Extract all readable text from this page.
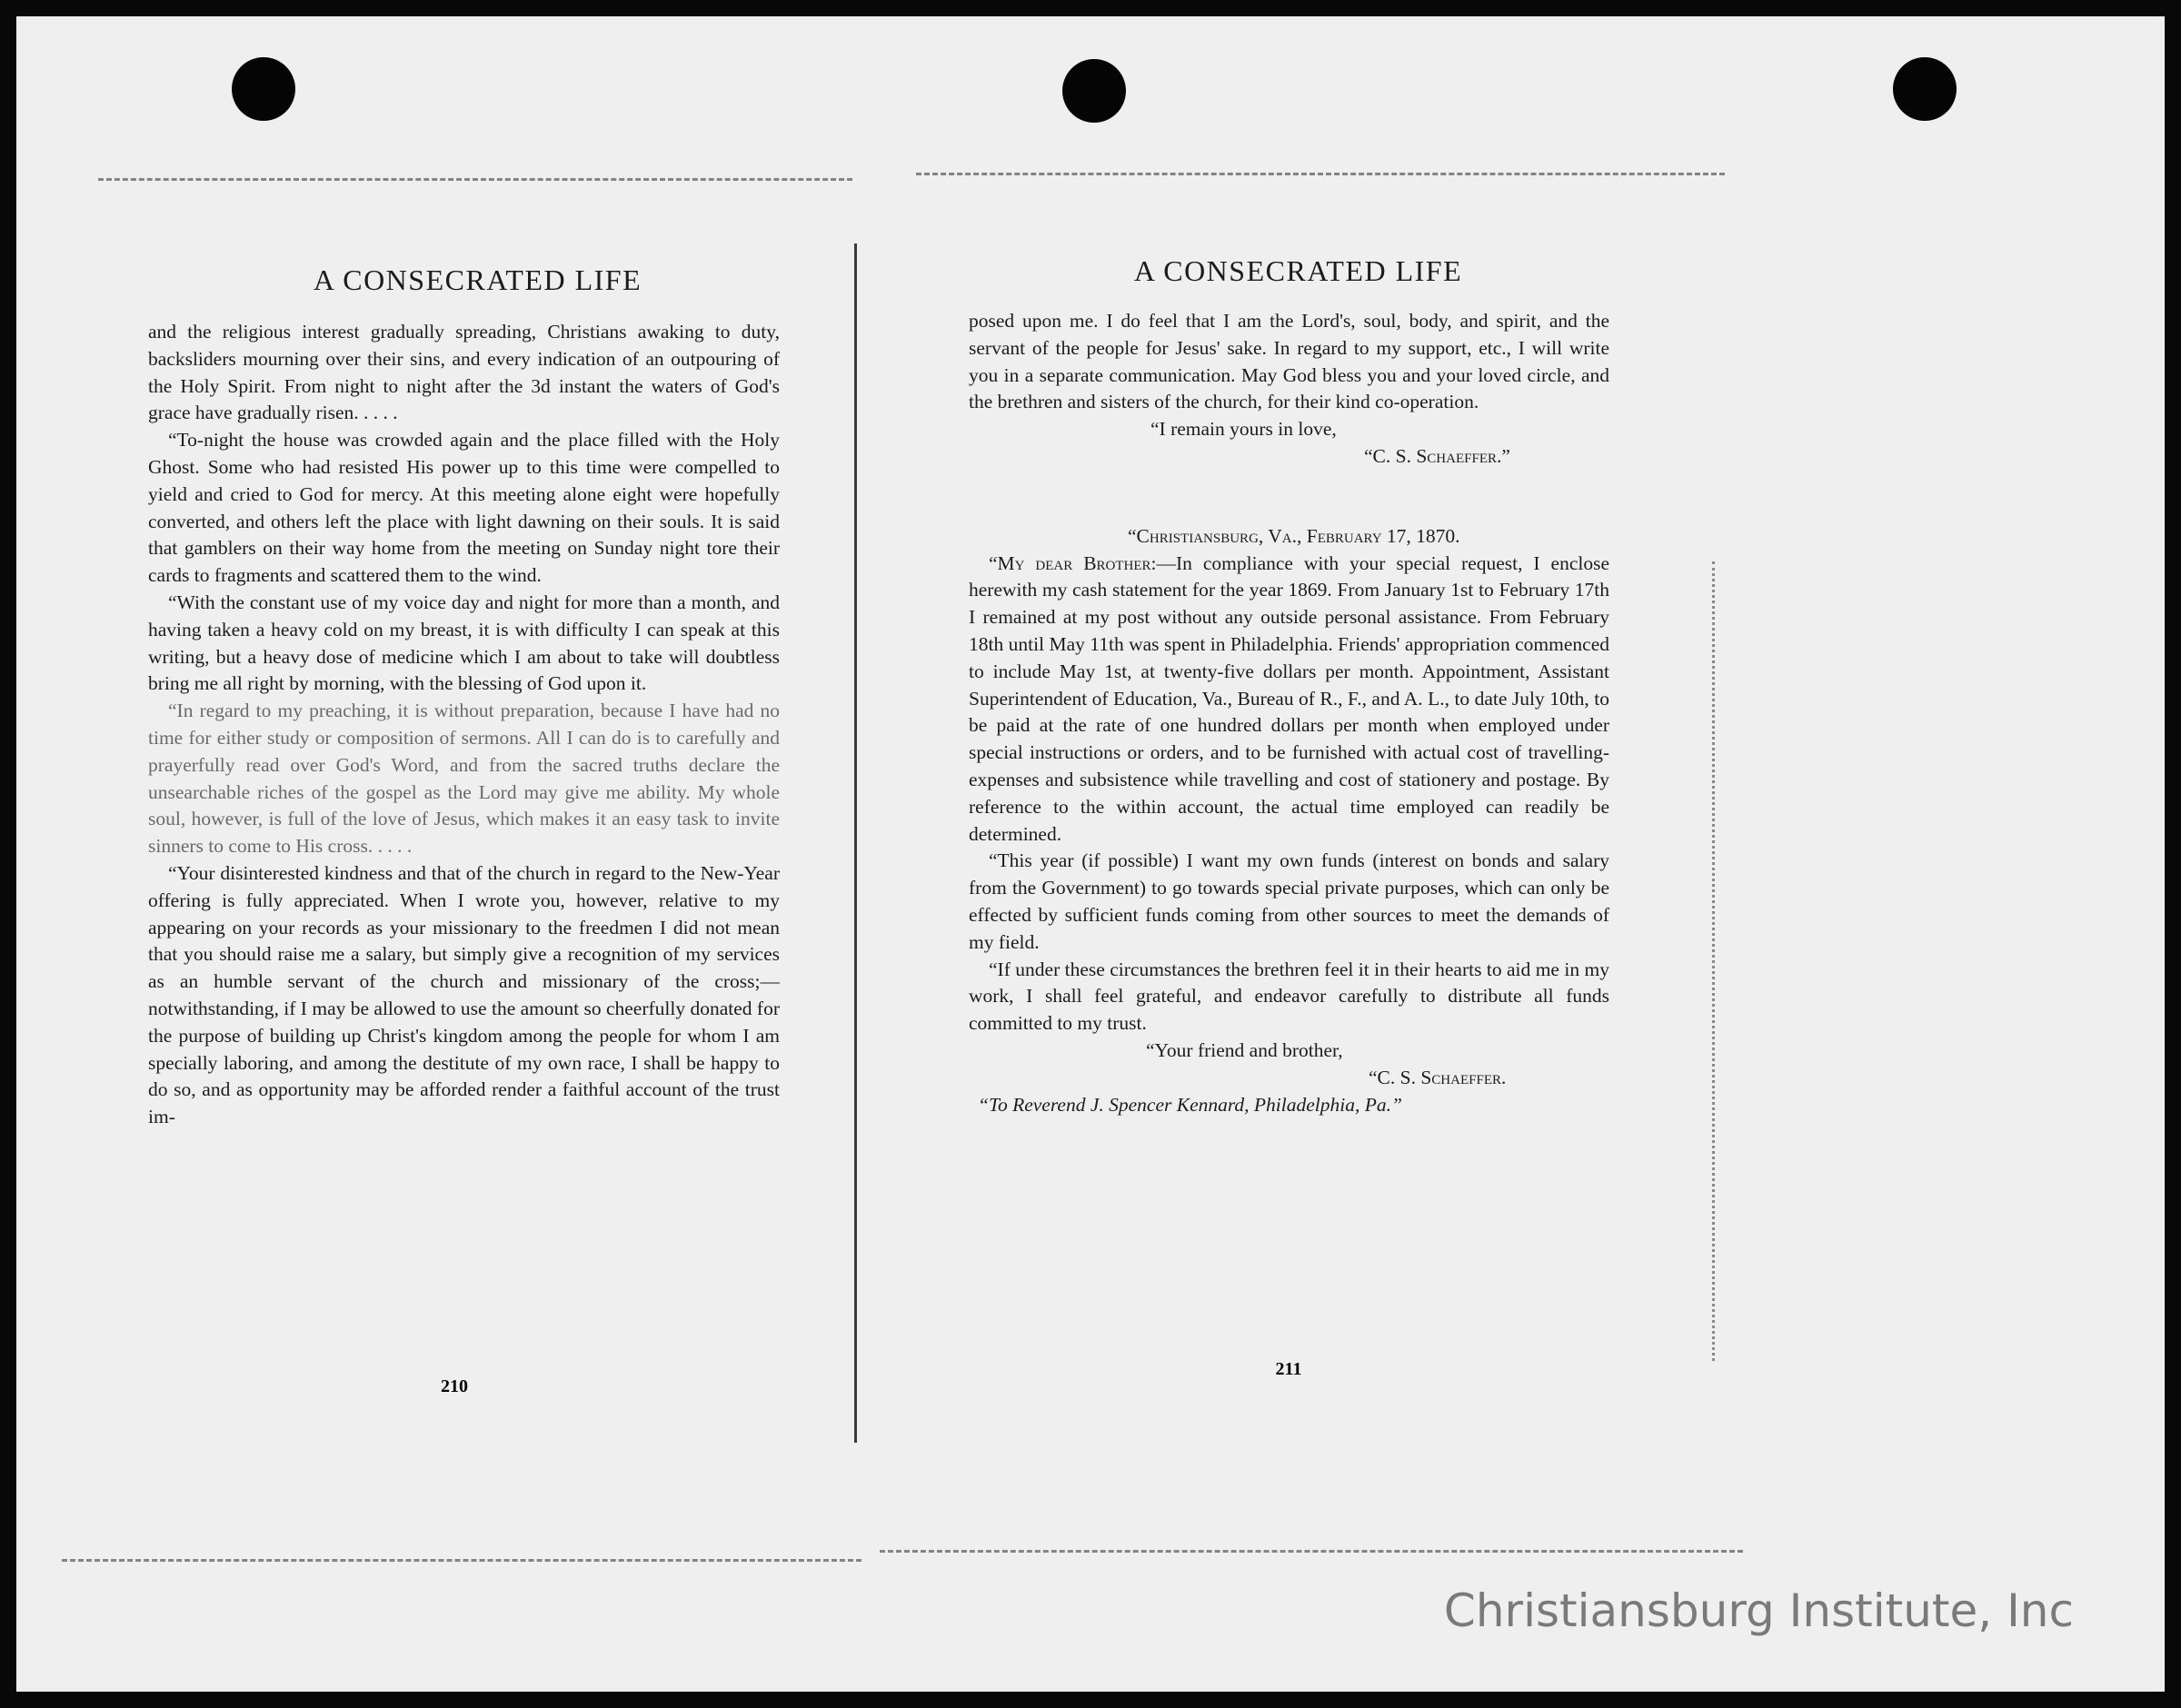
A CONSECRATED LIFE

and the religious interest gradually spreading, Christians awaking to duty, backsliders mourning over their sins, and every indication of an outpouring of the Holy Spirit. From night to night after the 3d instant the waters of God's grace have gradually risen. . . . .

“To-night the house was crowded again and the place filled with the Holy Ghost. Some who had resisted His power up to this time were compelled to yield and cried to God for mercy. At this meeting alone eight were hopefully converted, and others left the place with light dawning on their souls. It is said that gamblers on their way home from the meeting on Sunday night tore their cards to fragments and scattered them to the wind.

“With the constant use of my voice day and night for more than a month, and having taken a heavy cold on my breast, it is with difficulty I can speak at this writing, but a heavy dose of medicine which I am about to take will doubtless bring me all right by morning, with the blessing of God upon it.

“In regard to my preaching, it is without preparation, because I have had no time for either study or composition of sermons. All I can do is to carefully and prayerfully read over God's Word, and from the sacred truths declare the unsearchable riches of the gospel as the Lord may give me ability. My whole soul, however, is full of the love of Jesus, which makes it an easy task to invite sinners to come to His cross. . . . .

“Your disinterested kindness and that of the church in regard to the New-Year offering is fully appreciated. When I wrote you, however, relative to my appearing on your records as your missionary to the freedmen I did not mean that you should raise me a salary, but simply give a recognition of my services as an humble servant of the church and missionary of the cross;—notwithstanding, if I may be allowed to use the amount so cheerfully donated for the purpose of building up Christ's kingdom among the people for whom I am specially laboring, and among the destitute of my own race, I shall be happy to do so, and as opportunity may be afforded render a faithful account of the trust im-

210
A CONSECRATED LIFE

posed upon me. I do feel that I am the Lord's, soul, body, and spirit, and the servant of the people for Jesus' sake. In regard to my support, etc., I will write you in a separate communication. May God bless you and your loved circle, and the brethren and sisters of the church, for their kind co-operation.

“I remain yours in love,
“C. S. Schaeffer.”
“Christiansburg, Va., February 17, 1870.

“My dear Brother:—In compliance with your special request, I enclose herewith my cash statement for the year 1869. From January 1st to February 17th I remained at my post without any outside personal assistance. From February 18th until May 11th was spent in Philadelphia. Friends' appropriation commenced to include May 1st, at twenty-five dollars per month. Appointment, Assistant Superintendent of Education, Va., Bureau of R., F., and A. L., to date July 10th, to be paid at the rate of one hundred dollars per month when employed under special instructions or orders, and to be furnished with actual cost of travelling-expenses and subsistence while travelling and cost of stationery and postage. By reference to the within account, the actual time employed can readily be determined.

“This year (if possible) I want my own funds (interest on bonds and salary from the Government) to go towards special private purposes, which can only be effected by sufficient funds coming from other sources to meet the demands of my field.

“If under these circumstances the brethren feel it in their hearts to aid me in my work, I shall feel grateful, and endeavor carefully to distribute all funds committed to my trust.

“Your friend and brother,
“C. S. Schaeffer.
“To Reverend J. Spencer Kennard, Philadelphia, Pa.”
211
Christiansburg Institute, Inc
